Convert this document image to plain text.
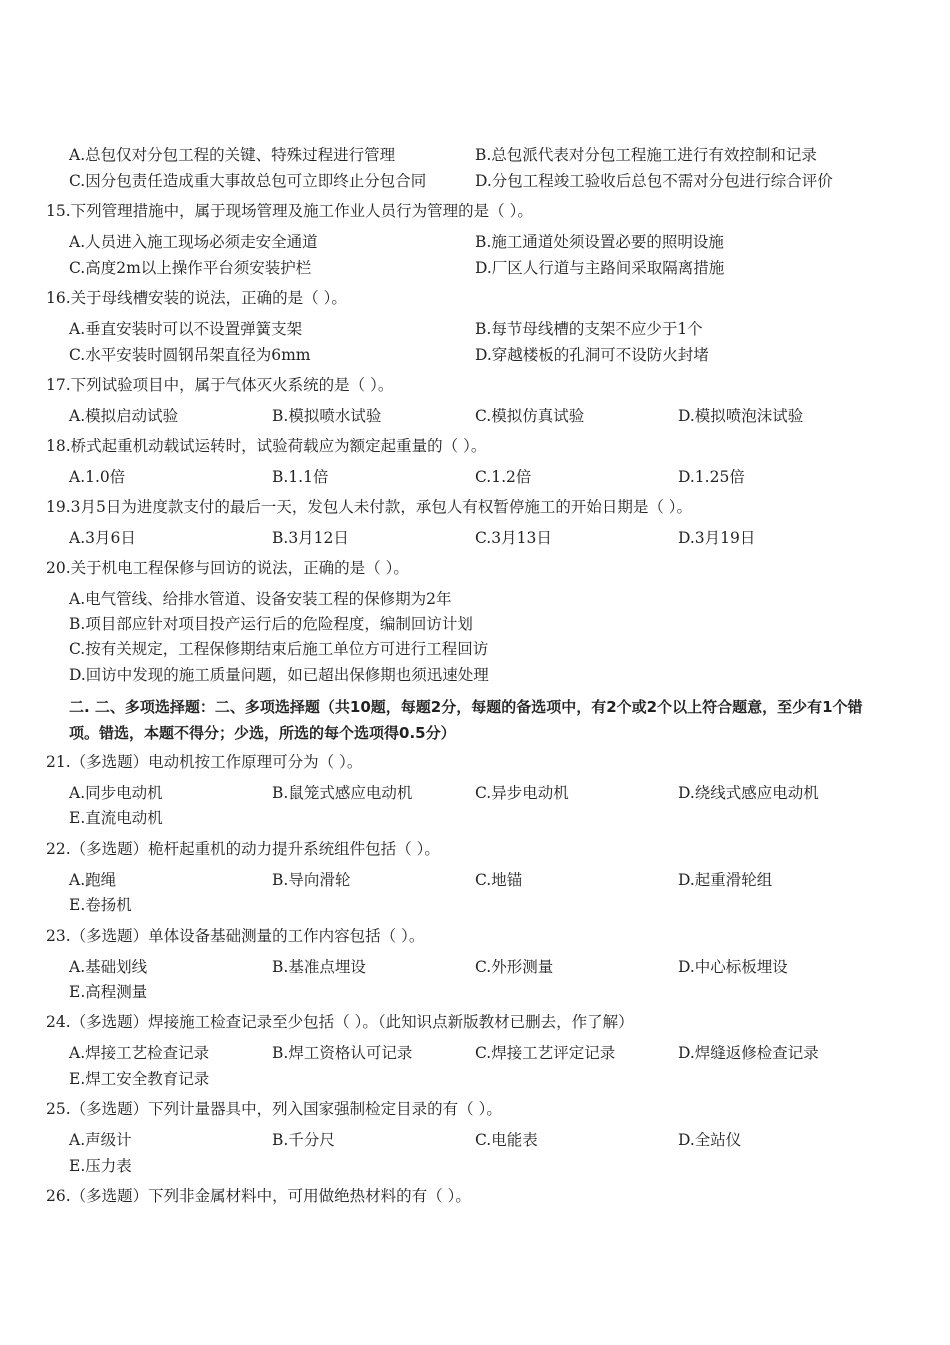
A.总包仅对分包工程的关键、特殊过程进行管理	B.总包派代表对分包工程施工进行有效控制和记录
C.因分包责任造成重大事故总包可立即终止分包合同	D.分包工程竣工验收后总包不需对分包进行综合评价
15.下列管理措施中，属于现场管理及施工作业人员行为管理的是（ ）。
A.人员进入施工现场必须走安全通道	B.施工通道处须设置必要的照明设施
C.高度2m以上操作平台须安装护栏	D.厂区人行道与主路间采取隔离措施
16.关于母线槽安装的说法，正确的是（ ）。
A.垂直安装时可以不设置弹簧支架	B.每节母线槽的支架不应少于1个
C.水平安装时圆钢吊架直径为6mm	D.穿越楼板的孔洞可不设防火封堵
17.下列试验项目中，属于气体灭火系统的是（ ）。
A.模拟启动试验	B.模拟喷水试验	C.模拟仿真试验	D.模拟喷泡沫试验
18.桥式起重机动载试运转时，试验荷载应为额定起重量的（ ）。
A.1.0倍	B.1.1倍	C.1.2倍	D.1.25倍
19.3月5日为进度款支付的最后一天，发包人未付款，承包人有权暂停施工的开始日期是（ ）。
A.3月6日	B.3月12日	C.3月13日	D.3月19日
20.关于机电工程保修与回访的说法，正确的是（ ）。
A.电气管线、给排水管道、设备安装工程的保修期为2年
B.项目部应针对项目投产运行后的危险程度，编制回访计划
C.按有关规定，工程保修期结束后施工单位方可进行工程回访
D.回访中发现的施工质量问题，如已超出保修期也须迅速处理
二. 二、多项选择题：二、多项选择题（共10题，每题2分，每题的备选项中，有2个或2个以上符合题意，至少有1个错项。错选，本题不得分；少选，所选的每个选项得0.5分）
21.（多选题）电动机按工作原理可分为（ ）。
A.同步电动机	B.鼠笼式感应电动机	C.异步电动机	D.绕线式感应电动机
E.直流电动机
22.（多选题）桅杆起重机的动力提升系统组件包括（ ）。
A.跑绳	B.导向滑轮	C.地锚	D.起重滑轮组
E.卷扬机
23.（多选题）单体设备基础测量的工作内容包括（ ）。
A.基础划线	B.基准点埋设	C.外形测量	D.中心标板埋设
E.高程测量
24.（多选题）焊接施工检查记录至少包括（ ）。（此知识点新版教材已删去，作了解）
A.焊接工艺检查记录	B.焊工资格认可记录	C.焊接工艺评定记录	D.焊缝返修检查记录
E.焊工安全教育记录
25.（多选题）下列计量器具中，列入国家强制检定目录的有（ ）。
A.声级计	B.千分尺	C.电能表	D.全站仪
E.压力表
26.（多选题）下列非金属材料中，可用做绝热材料的有（ ）。
